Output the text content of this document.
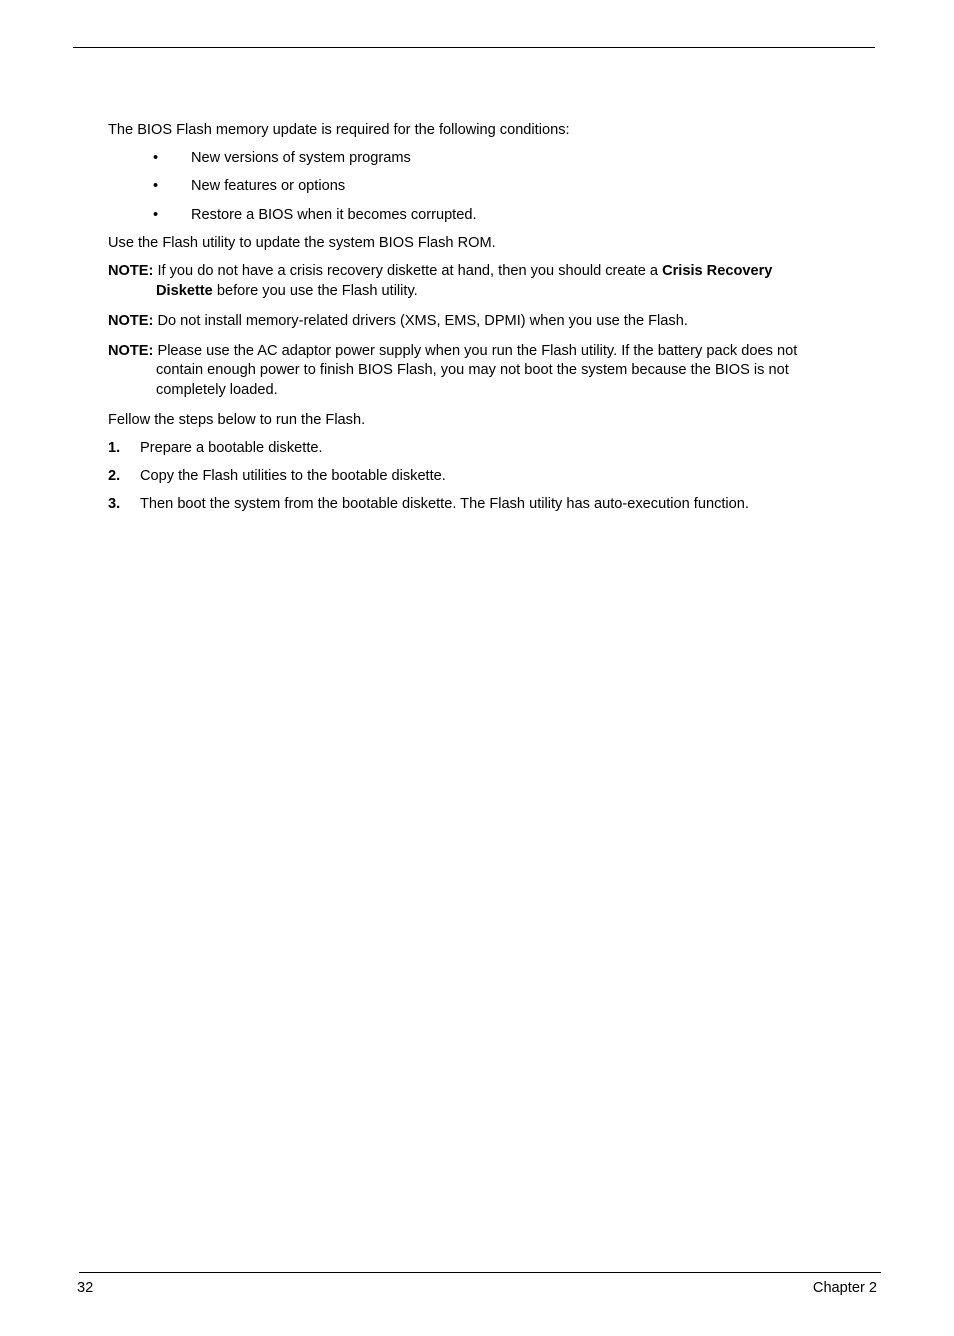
The BIOS Flash memory update is required for the following conditions:
• New versions of system programs
• New features or options
• Restore a BIOS when it becomes corrupted.
Use the Flash utility to update the system BIOS Flash ROM.
NOTE: If you do not have a crisis recovery diskette at hand, then you should create a Crisis Recovery
Diskette before you use the Flash utility.
NOTE: Do not install memory-related drivers (XMS, EMS, DPMI) when you use the Flash.
NOTE: Please use the AC adaptor power supply when you run the Flash utility. If the battery pack does not
contain enough power to finish BIOS Flash, you may not boot the system because the BIOS is not
completely loaded.
Fellow the steps below to run the Flash.
1. Prepare a bootable diskette.
2. Copy the Flash utilities to the bootable diskette.
3. Then boot the system from the bootable diskette. The Flash utility has auto-execution function.
32	Chapter 2
